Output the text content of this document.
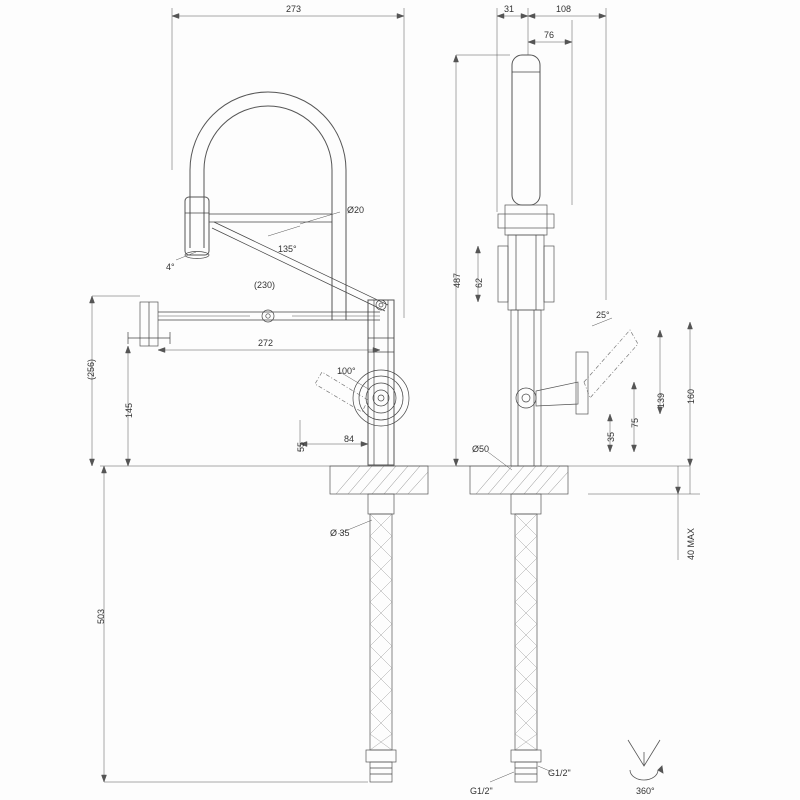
273
Ø20
135°
4°
(230)
272
100°
(256)
145
55
84
Ø 35
503
31	108
76
487 62
25°
160
139
75
35
Ø50
40 MAX
G1/2"
G1/2"
360°
